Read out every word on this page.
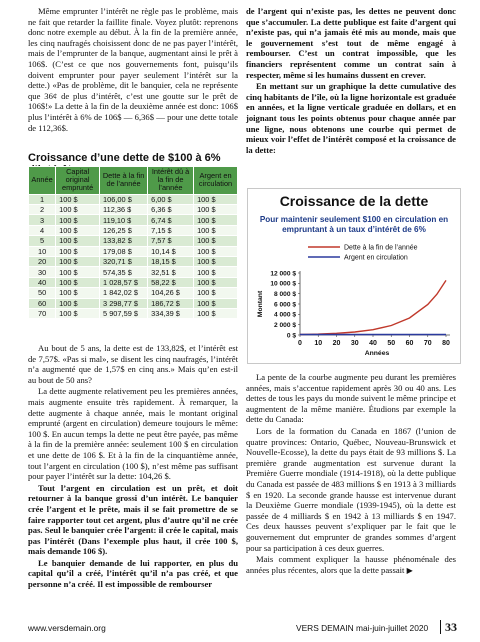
Même emprunter l’intérêt ne règle pas le problème, mais ne fait que retarder la faillite finale. Voyez plutôt: reprenons donc notre exemple au début. À la fin de la première année, les cinq naufragés choisissent donc de ne pas payer l’intérêt, mais de l’emprunter de la banque, augmentant ainsi le prêt à 106$. (C’est ce que nos gouvernements font, puisqu’ils doivent emprunter pour payer seulement l’intérêt sur la dette.) «Pas de problème, dit le banquier, cela ne représente que 36¢ de plus d’intérêt, c’est une goutte sur le prêt de 106$!» La dette à la fin de la deuxième année est donc: 106$ plus l’intérêt à 6% de 106$ — 6,36$ — pour une dette totale de 112,36$.

Croissance d’une dette de $100 à 6%
Année	Capital original emprunté	Dette à la fin de l’année	Intérêt dû à la fin de l’année	Argent en circulation
1	100 $	106,00 $	6,00 $	100 $
2	100 $	112,36 $	6,36 $	100 $
3	100 $	119,10 $	6,74 $	100 $
4	100 $	126,25 $	7,15 $	100 $
5	100 $	133,82 $	7,57 $	100 $
10	100 $	179,08 $	10,14 $	100 $
20	100 $	320,71 $	18,15 $	100 $
30	100 $	574,35 $	32,51 $	100 $
40	100 $	1 028,57 $	58,22 $	100 $
50	100 $	1 842,02 $	104,26 $	100 $
60	100 $	3 298,77 $	186,72 $	100 $
70	100 $	5 907,59 $	334,39 $	100 $

Au bout de 5 ans, la dette est de 133,82$, et l’intérêt est de 7,57$. «Pas si mal», se disent les cinq naufragés, l’intérêt n’a augmenté que de 1,57$ en cinq ans.» Mais qu’en est-il au bout de 50 ans?

La dette augmente relativement peu les premières années, mais augmente ensuite très rapidement. À remarquer, la dette augmente à chaque année, mais le montant original emprunté (argent en circulation) demeure toujours le même: 100 $. En aucun temps la dette ne peut être payée, pas même à la fin de la première année: seulement 100 $ en circulation et une dette de 106 $. Et à la fin de la cinquantième année, tout l’argent en circulation (100 $), n’est même pas suffisant pour payer l’intérêt sur la dette: 104,26 $.

Tout l’argent en circulation est un prêt, et doit retourner à la banque grossi d’un intérêt. Le banquier crée l’argent et le prête, mais il se fait promettre de se faire rapporter tout cet argent, plus d’autre qu’il ne crée pas. Seul le banquier crée l’argent: il crée le capital, mais pas l’intérêt (Dans l’exemple plus haut, il crée 100 $, mais demande 106 $).

Le banquier demande de lui rapporter, en plus du capital qu’il a créé, l’intérêt qu’il n’a pas créé, et que personne n’a créé. Il est impossible de rembourser

de l’argent qui n’existe pas, les dettes ne peuvent donc que s’accumuler. La dette publique est faite d’argent qui n’existe pas, qui n’a jamais été mis au monde, mais que le gouvernement s’est tout de même engagé à rembourser. C’est un contrat impossible, que les financiers représentent comme un contrat sain à respecter, même si les humains dussent en crever.

En mettant sur un graphique la dette cumulative des cinq habitants de l’île, où la ligne horizontale est graduée en années, et la ligne verticale graduée en dollars, et en joignant tous les points obtenus pour chaque année par une ligne, nous obtenons une courbe qui permet de mieux voir l’effet de l’intérêt composé et la croissance de la dette:

Croissance de la dette
Pour maintenir seulement $100 en circulation en empruntant à un taux d’intérêt de 6%
Dette à la fin de l’année
Argent en circulation
0 $
2 000 $
4 000 $
6 000 $
8 000 $
10 000 $
12 000 $
0 10 20 30 40 50 60 70 80
Années
Montant

La pente de la courbe augmente peu durant les premières années, mais s’accentue rapidement après 30 ou 40 ans. Les dettes de tous les pays du monde suivent le même principe et augmentent de la même manière. Étudions par exemple la dette du Canada:

Lors de la formation du Canada en 1867 (l’union de quatre provinces: Ontario, Québec, Nouveau-Brunswick et Nouvelle-Ecosse), la dette du pays était de 93 millions $. La première grande augmentation est survenue durant la Première Guerre mondiale (1914-1918), où la dette publique du Canada est passée de 483 millions $ en 1913 à 3 milliards $ en 1920. La seconde grande hausse est intervenue durant la Deuxième Guerre mondiale (1939-1945), où la dette est passée de 4 milliards $ en 1942 à 13 milliards $ en 1947. Ces deux hausses peuvent s’expliquer par le fait que le gouvernement dut emprunter de grandes sommes d’argent pour sa participation à ces deux guerres.

Mais comment expliquer la hausse phénoménale des années plus récentes, alors que la dette passait ▶

www.versdemain.org	VERS DEMAIN mai-juin-juillet 2020 33
